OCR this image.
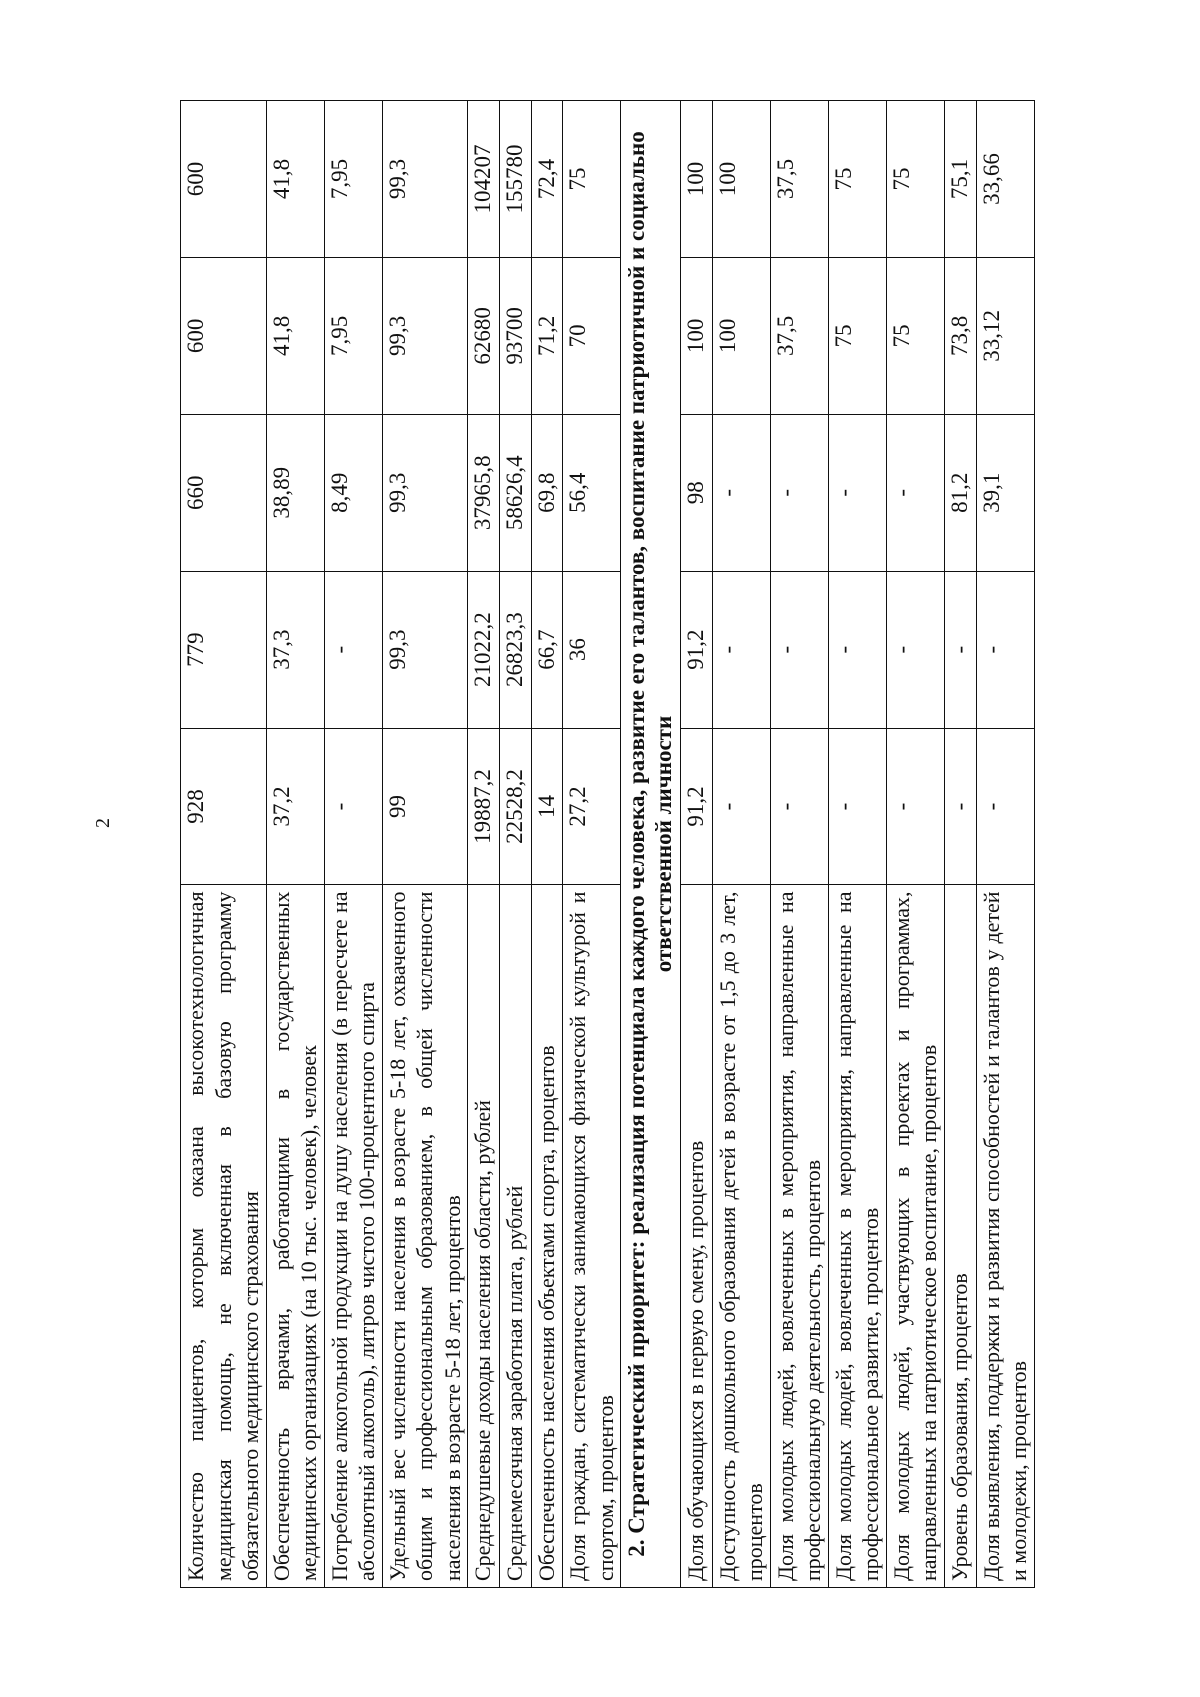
2
Количество пациентов, которым оказана высокотехнологичная медицинская помощь, не включенная в базовую программу обязательного медицинского страхования	928	779	660	600	600
Обеспеченность врачами, работающими в государственных медицинских организациях (на 10 тыс. человек), человек	37,2	37,3	38,89	41,8	41,8
Потребление алкогольной продукции на душу населения (в пересчете на абсолютный алкоголь), литров чистого 100-процентного спирта	-	-	8,49	7,95	7,95
Удельный вес численности населения в возрасте 5-18 лет, охваченного общим и профессиональным образованием, в общей численности населения в возрасте 5-18 лет, процентов	99	99,3	99,3	99,3	99,3
Среднедушевые доходы населения области, рублей	19887,2	21022,2	37965,8	62680	104207
Среднемесячная заработная плата, рублей	22528,2	26823,3	58626,4	93700	155780
Обеспеченность населения объектами спорта, процентов	14	66,7	69,8	71,2	72,4
Доля граждан, систематически занимающихся физической культурой и спортом, процентов	27,2	36	56,4	70	75
2. Стратегический приоритет: реализация потенциала каждого человека, развитие его талантов, воспитание патриотичной и социально ответственной личности					
Доля обучающихся в первую смену, процентов	91,2	91,2	98	100	100
Доступность дошкольного образования детей в возрасте от 1,5 до 3 лет, процентов	-	-	-	100	100
Доля молодых людей, вовлеченных в мероприятия, направленные на профессиональную деятельность, процентов	-	-	-	37,5	37,5
Доля молодых людей, вовлеченных в мероприятия, направленные на профессиональное развитие, процентов	-	-	-	75	75
Доля молодых людей, участвующих в проектах и программах, направленных на патриотическое воспитание, процентов	-	-	-	75	75
Уровень образования, процентов	-	-	81,2	73,8	75,1
Доля выявления, поддержки и развития способностей и талантов у детей и молодежи, процентов	-	-	39,1	33,12	33,66
